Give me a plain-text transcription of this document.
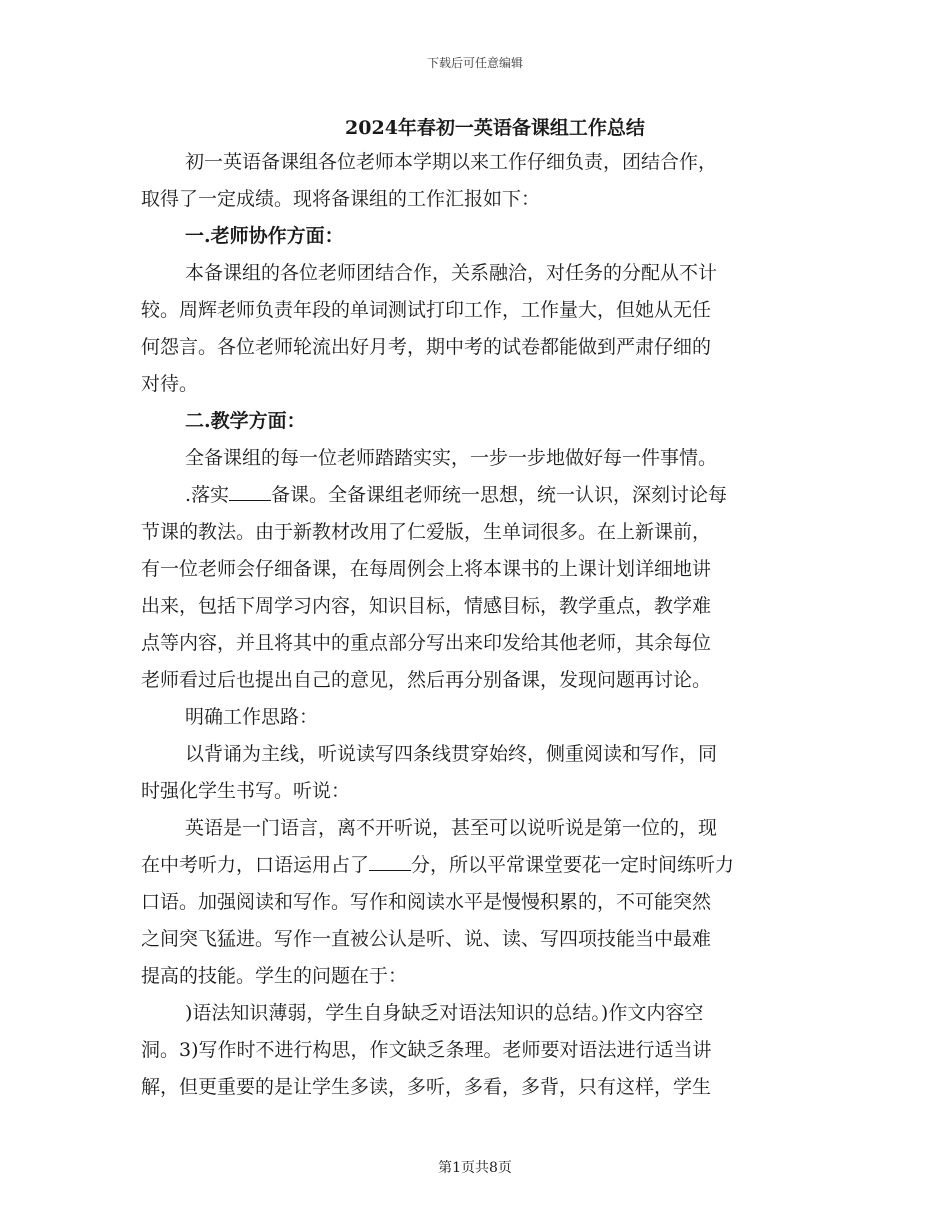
下载后可任意编辑
2024年春初一英语备课组工作总结
初一英语备课组各位老师本学期以来工作仔细负责，团结合作，
取得了一定成绩。现将备课组的工作汇报如下：
一.老师协作方面：
本备课组的各位老师团结合作，关系融洽，对任务的分配从不计
较。周辉老师负责年段的单词测试打印工作，工作量大，但她从无任
何怨言。各位老师轮流出好月考，期中考的试卷都能做到严肃仔细的
对待。
二.教学方面：
全备课组的每一位老师踏踏实实，一步一步地做好每一件事情。
.落实 备课。全备课组老师统一思想，统一认识，深刻讨论每
节课的教法。由于新教材改用了仁爱版，生单词很多。在上新课前，
有一位老师会仔细备课，在每周例会上将本课书的上课计划详细地讲
出来，包括下周学习内容，知识目标，情感目标，教学重点，教学难
点等内容，并且将其中的重点部分写出来印发给其他老师，其余每位
老师看过后也提出自己的意见，然后再分别备课，发现问题再讨论。
明确工作思路：
以背诵为主线，听说读写四条线贯穿始终，侧重阅读和写作，同
时强化学生书写。听说：
英语是一门语言，离不开听说，甚至可以说听说是第一位的，现
在中考听力，口语运用占了 分，所以平常课堂要花一定时间练听力
口语。加强阅读和写作。写作和阅读水平是慢慢积累的，不可能突然
之间突飞猛进。写作一直被公认是听、说、读、写四项技能当中最难
提高的技能。学生的问题在于：
)语法知识薄弱，学生自身缺乏对语法知识的总结。)作文内容空
洞。3)写作时不进行构思，作文缺乏条理。老师要对语法进行适当讲
解，但更重要的是让学生多读，多听，多看，多背，只有这样，学生
第1页共8页
